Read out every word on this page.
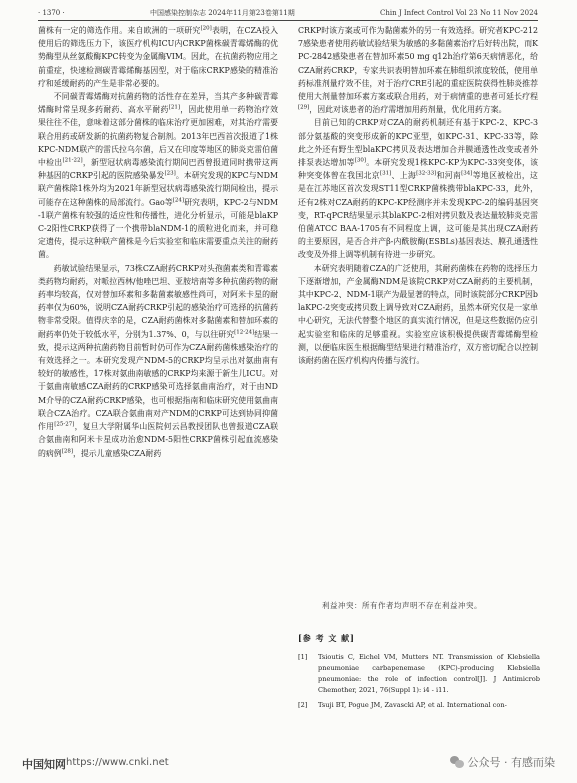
· 1370 ·	中国感染控制杂志 2024年11月第23卷第11期	Chin J Infect Control Vol 23 No 11 Nov 2024

菌株有一定的筛选作用。来自欧洲的一项研究[20]表明，在CZA投入使用后的筛选压力下，该医疗机构ICU内CRKP菌株碳青霉烯酶的优势酶型从丝氨酸酶KPC转变为金属酶VIM。因此，在抗菌药物应用之前重症，快速检测碳青霉烯酶基因型，对于临床CRKP感染的精准治疗和延缓耐药的产生是非常必要的。

不同碳青霉烯酶对抗菌药物的活性存在差异，当其产多种碳青霉烯酶时常呈现多药耐药、高水平耐药[21]，因此使用单一药物治疗效果往往不佳，意味着这部分菌株的临床治疗更加困难，对其治疗需要联合用药或研发新的抗菌药物复合制剂。2013年巴西首次报道了1株KPC-NDM联产的雷氏拉乌尔菌，后又在印度等地区的肺炎克雷伯菌中检出[21-22]，新型冠状病毒感染流行期间巴西曾报道同时携带这两种基因的CRKP引起的医院感染暴发[23]。本研究发现的KPC与NDM联产菌株除1株外均为2021年新型冠状病毒感染流行期间检出，提示可能存在这种菌株的局部流行。Gao等[24]研究表明，KPC-2与NDM-1联产菌株有较强的适应性和传播性，进化分析显示，可能是blaKPC-2阳性CRKP获得了一个携带blaNDM-1的质粒进化而来，并可稳定遗传，提示这种联产菌株是今后实验室和临床需要重点关注的耐药菌。

药敏试验结果显示，73株CZA耐药CRKP对头孢菌素类和青霉素类药物均耐药，对哌拉西林/他唑巴坦、亚胺培南等多种抗菌药物的耐药率均较高，仅对替加环素和多黏菌素敏感性尚可，对阿米卡星的耐药率仅为60%，说明CZA耐药CRKP引起的感染治疗可选择的抗菌药物非常受限。值得庆幸的是，CZA耐药菌株对多黏菌素和替加环素的耐药率仍处于较低水平，分别为1.37%、0，与以往研究[12-24]结果一致，提示这两种抗菌药物目前暂时仍可作为CZA耐药菌株感染治疗的有效选择之一。本研究发现产NDM-5的CRKP均呈示出对氨曲南有较好的敏感性，17株对氨曲南敏感的CRKP均来源于新生儿ICU。对于氨曲南敏感CZA耐药的CRKP感染可选择氨曲南治疗，对于由NDM介导的CZA耐药CRKP感染，也可根据指南和临床研究使用氨曲南联合CZA治疗。CZA联合氨曲南对产NDM的CRKP可达到协同抑菌作用[25-27]，复旦大学附属华山医院何云昌教授团队也曾报道CZA联合氨曲南和阿米卡星成功治愈NDM-5阳性CRKP菌株引起血流感染的病例[28]，提示儿童感染CZA耐药

CRKP时该方案或可作为黏菌素外的另一有效选择。研究者KPC-2127感染患者使用药敏试验结果为敏感的多黏菌素治疗后好转出院，而KPC-2842感染患者在替加环素50 mg q12h治疗第6天病情恶化，给CZA耐药CRKP，专家共识表明替加环素在肺组织浓度较低，使用单药标准剂量疗效不佳，对于治疗CRE引起的重症医院获得性肺炎推荐使用大剂量替加环素方案或联合用药，对于病情重的患者可延长疗程[29]，因此对该患者的治疗需增加用药剂量，优化用药方案。

目前已知的CRKP对CZA的耐药机制还有基于KPC-2、KPC-3部分氨基酸的突变形成新的KPC亚型，如KPC-31、KPC-33等，除此之外还有野生型blaKPC拷贝及表达增加合并膜通透性改变或者外排泵表达增加等[30]。本研究发现1株KPC-KP为KPC-33突变体，该种突变体曾在我国北京[31]、上海[32-33]和河南[34]等地区被检出，这是在江苏地区首次发现ST11型CRKP菌株携带blaKPC-33，此外，还有2株对CZA耐药的KPC-KP经测序并未发现KPC-2的编码基因突变，RT-qPCR结果显示其blaKPC-2相对拷贝数及表达量较肺炎克雷伯菌ATCC BAA-1705有不同程度上调，这可能是其出现CZA耐药的主要原因，是否合并产β-内酰胺酶(ESBLs)基因表达、膜孔通透性改变及外排上调等机制有待进一步研究。

本研究表明随着CZA的广泛使用，其耐药菌株在药物的选择压力下逐渐增加，产金属酶NDM是该院CRKP对CZA耐药的主要机制，其中KPC-2、NDM-1联产为最显著的特点，同时该院部分CRKP因blaKPC-2突变或拷贝数上调导致对CZA耐药，虽然本研究仅是一家单中心研究，无法代替整个地区的真实流行情况，但是这些数据仍应引起实验室和临床的足够重视。实验室应该积极提供碳青霉烯酶型检测，以便临床医生根据酶型结果进行精准治疗，双方密切配合以控制该耐药菌在医疗机构内传播与流行。

利益冲突：所有作者均声明不存在利益冲突。
[参 考 文 献]
[1]	Tsioutis C, Eichel VM, Mutters NT. Transmission of Klebsiella pneumoniae carbapenemase (KPC)-producing Klebsiella pneumoniae: the role of infection control[J]. J Antimicrob Chemother, 2021, 76(Suppl 1): i4 - i11.
[2]	Tsuji BT, Pogue JM, Zavascki AP, et al. International con-
中国知网 https://www.cnki.net	公众号 · 有感而染
